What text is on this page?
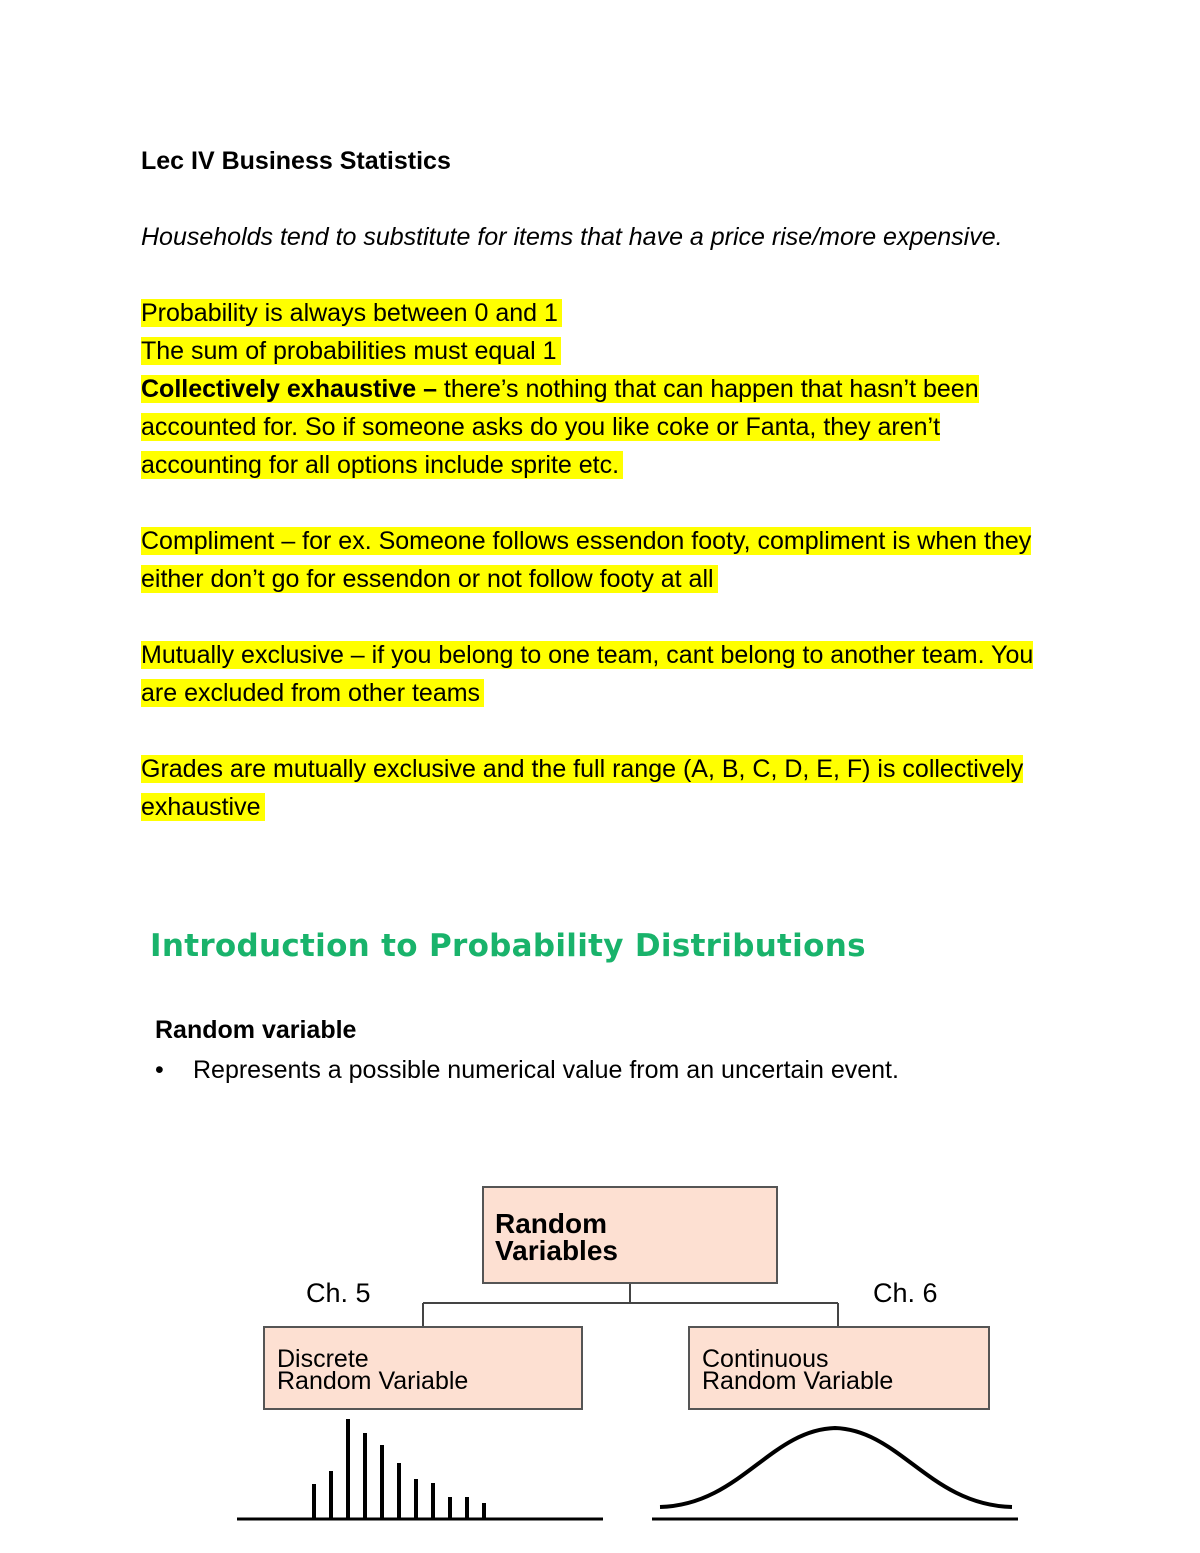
Lec IV Business Statistics

Households tend to substitute for items that have a price rise/more expensive.

Probability is always between 0 and 1
The sum of probabilities must equal 1
Collectively exhaustive – there’s nothing that can happen that hasn’t been accounted for. So if someone asks do you like coke or Fanta, they aren’t accounting for all options include sprite etc.

Compliment – for ex. Someone follows essendon footy, compliment is when they either don’t go for essendon or not follow footy at all

Mutually exclusive – if you belong to one team, cant belong to another team. You are excluded from other teams

Grades are mutually exclusive and the full range (A, B, C, D, E, F) is collectively exhaustive

Introduction to Probability Distributions
Random variable
• Represents a possible numerical value from an uncertain event.
Random
Variables
Ch. 5	Ch. 6
Discrete
Random Variable
Continuous
Random Variable
